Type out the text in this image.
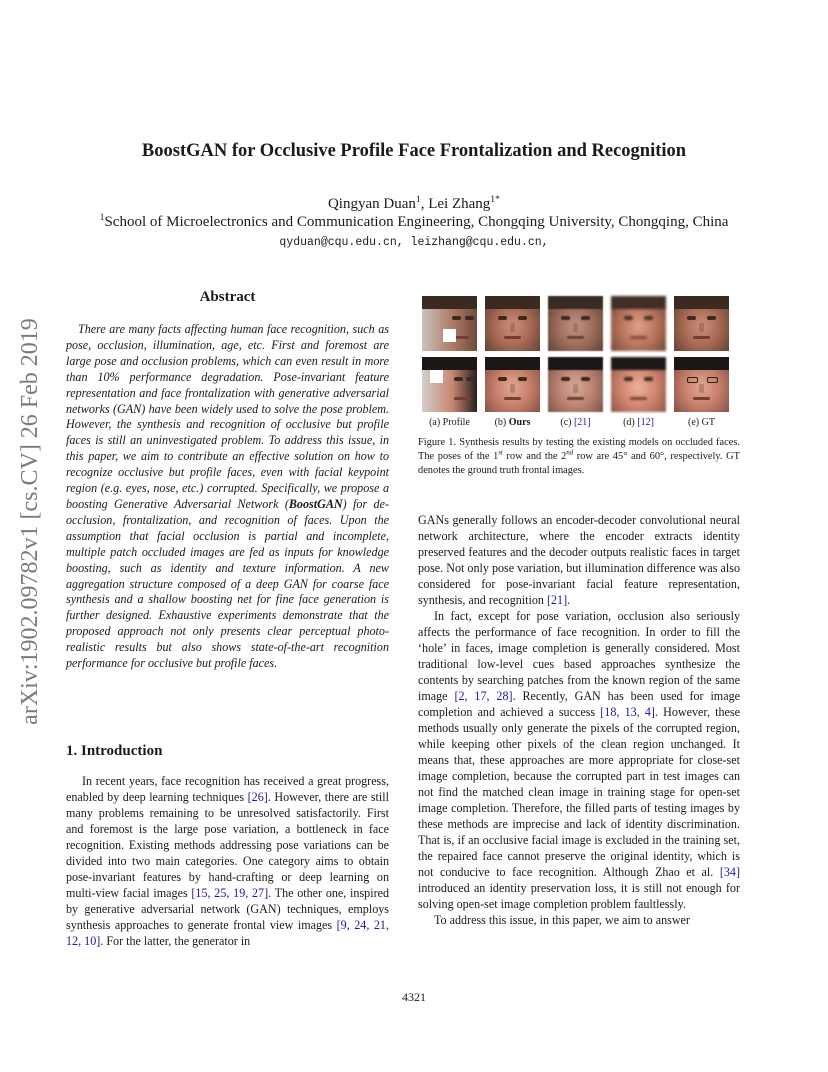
arXiv:1902.09782v1 [cs.CV] 26 Feb 2019
BoostGAN for Occlusive Profile Face Frontalization and Recognition
Qingyan Duan$^1$, Lei Zhang$^{1*}$
$^1$School of Microelectronics and Communication Engineering, Chongqing University, Chongqing, China
qyduan@cqu.edu.cn, leizhang@cqu.edu.cn,
Abstract

There are many facts affecting human face recognition, such as pose, occlusion, illumination, age, etc. First and foremost are large pose and occlusion problems, which can even result in more than 10% performance degradation. Pose-invariant feature representation and face frontalization with generative adversarial networks (GAN) have been widely used to solve the pose problem. However, the synthesis and recognition of occlusive but profile faces is still an uninvestigated problem. To address this issue, in this paper, we aim to contribute an effective solution on how to recognize occlusive but profile faces, even with facial keypoint region (e.g. eyes, nose, etc.) corrupted. Specifically, we propose a boosting Generative Adversarial Network (BoostGAN) for de-occlusion, frontalization, and recognition of faces. Upon the assumption that facial occlusion is partial and incomplete, multiple patch occluded images are fed as inputs for knowledge boosting, such as identity and texture information. A new aggregation structure composed of a deep GAN for coarse face synthesis and a shallow boosting net for fine face generation is further designed. Exhaustive experiments demonstrate that the proposed approach not only presents clear perceptual photo-realistic results but also shows state-of-the-art recognition performance for occlusive but profile faces.

1. Introduction

In recent years, face recognition has received a great progress, enabled by deep learning techniques [26]. However, there are still many problems remaining to be unresolved satisfactorily. First and foremost is the large pose variation, a bottleneck in face recognition. Existing methods addressing pose variations can be divided into two main categories. One category aims to obtain pose-invariant features by hand-crafting or deep learning on multi-view facial images [15, 25, 19, 27]. The other one, inspired by generative adversarial network (GAN) techniques, employs synthesis approaches to generate frontal view images [9, 24, 21, 12, 10]. For the latter, the generator in

(a) Profile	(b) Ours	(c) [21]	(d) [12]	(e) GT
Figure 1. Synthesis results by testing the existing models on occluded faces. The poses of the 1st row and the 2nd row are 45° and 60°, respectively. GT denotes the ground truth frontal images.

GANs generally follows an encoder-decoder convolutional neural network architecture, where the encoder extracts identity preserved features and the decoder outputs realistic faces in target pose. Not only pose variation, but illumination difference was also considered for pose-invariant facial feature representation, synthesis, and recognition [21].

In fact, except for pose variation, occlusion also seriously affects the performance of face recognition. In order to fill the ‘hole’ in faces, image completion is generally considered. Most traditional low-level cues based approaches synthesize the contents by searching patches from the known region of the same image [2, 17, 28]. Recently, GAN has been used for image completion and achieved a success [18, 13, 4]. However, these methods usually only generate the pixels of the corrupted region, while keeping other pixels of the clean region unchanged. It means that, these approaches are more appropriate for close-set image completion, because the corrupted part in test images can not find the matched clean image in training stage for open-set image completion. Therefore, the filled parts of testing images by these methods are imprecise and lack of identity discrimination. That is, if an occlusive facial image is excluded in the training set, the repaired face cannot preserve the original identity, which is not conducive to face recognition. Although Zhao et al. [34] introduced an identity preservation loss, it is still not enough for solving open-set image completion problem faultlessly.

To address this issue, in this paper, we aim to answer

4321
